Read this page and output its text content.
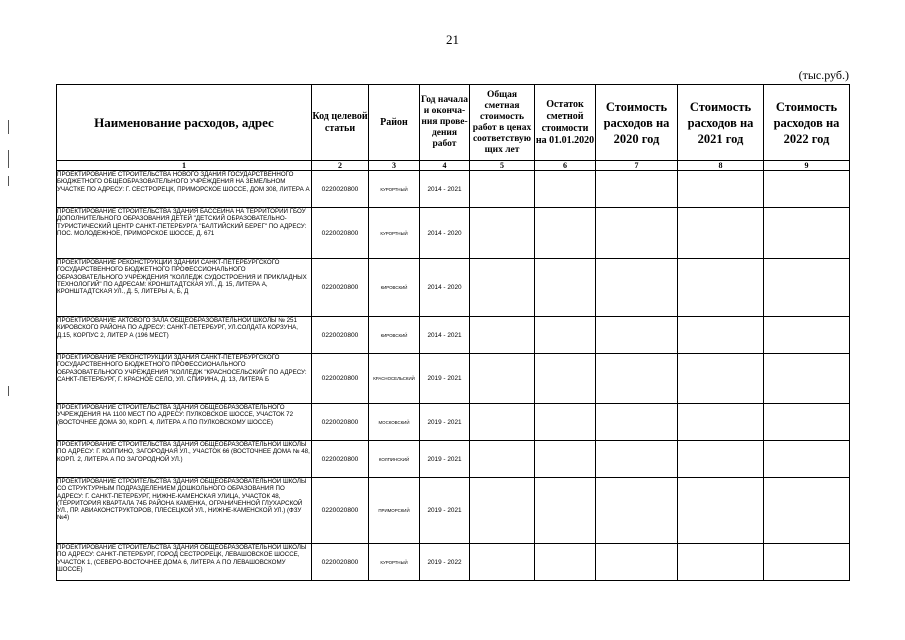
21
(тыс.руб.)
Наименование расходов, адрес	Код целевой статьи	Район	Год начала и оконча-ния прове-дения работ	Общая сметная стоимость работ в ценах соответствую щих лет	Остаток сметной стоимости на 01.01.2020	Стоимость расходов на 2020 год	Стоимость расходов на 2021 год	Стоимость расходов на 2022 год
1	2	3	4	5	6	7	8	9
ПРОЕКТИРОВАНИЕ СТРОИТЕЛЬСТВА НОВОГО ЗДАНИЯ ГОСУДАРСТВЕННОГО БЮДЖЕТНОГО ОБЩЕОБРАЗОВАТЕЛЬНОГО УЧРЕЖДЕНИЯ НА ЗЕМЕЛЬНОМ УЧАСТКЕ ПО АДРЕСУ: Г. СЕСТРОРЕЦК, ПРИМОРСКОЕ ШОССЕ, ДОМ 308, ЛИТЕРА А	0220020800	КУРОРТНЫЙ	2014 - 2021					
ПРОЕКТИРОВАНИЕ СТРОИТЕЛЬСТВА ЗДАНИЯ БАССЕЙНА НА ТЕРРИТОРИИ ГБОУ ДОПОЛНИТЕЛЬНОГО ОБРАЗОВАНИЯ ДЕТЕЙ "ДЕТСКИЙ ОБРАЗОВАТЕЛЬНО-ТУРИСТИЧЕСКИЙ ЦЕНТР САНКТ-ПЕТЕРБУРГА "БАЛТИЙСКИЙ БЕРЕГ" ПО АДРЕСУ: ПОС. МОЛОДЕЖНОЕ, ПРИМОРСКОЕ ШОССЕ, Д. 671	0220020800	КУРОРТНЫЙ	2014 - 2020					
ПРОЕКТИРОВАНИЕ РЕКОНСТРУКЦИИ ЗДАНИЙ САНКТ-ПЕТЕРБУРГСКОГО ГОСУДАРСТВЕННОГО БЮДЖЕТНОГО ПРОФЕССИОНАЛЬНОГО ОБРАЗОВАТЕЛЬНОГО УЧРЕЖДЕНИЯ "КОЛЛЕДЖ СУДОСТРОЕНИЯ И ПРИКЛАДНЫХ ТЕХНОЛОГИЙ" ПО АДРЕСАМ: КРОНШТАДТСКАЯ УЛ., Д. 15, ЛИТЕРА А, КРОНШТАДТСКАЯ УЛ., Д. 5, ЛИТЕРЫ А, Б, Д	0220020800	КИРОВСКИЙ	2014 - 2020					
ПРОЕКТИРОВАНИЕ АКТОВОГО ЗАЛА ОБЩЕОБРАЗОВАТЕЛЬНОЙ ШКОЛЫ № 251 КИРОВСКОГО РАЙОНА ПО АДРЕСУ: САНКТ-ПЕТЕРБУРГ, УЛ.СОЛДАТА КОРЗУНА, Д.15, КОРПУС 2, ЛИТЕР А (196 МЕСТ)	0220020800	КИРОВСКИЙ	2014 - 2021					
ПРОЕКТИРОВАНИЕ РЕКОНСТРУКЦИИ ЗДАНИЯ САНКТ-ПЕТЕРБУРГСКОГО ГОСУДАРСТВЕННОГО БЮДЖЕТНОГО ПРОФЕССИОНАЛЬНОГО ОБРАЗОВАТЕЛЬНОГО УЧРЕЖДЕНИЯ "КОЛЛЕДЖ "КРАСНОСЕЛЬСКИЙ" ПО АДРЕСУ: САНКТ-ПЕТЕРБУРГ, Г. КРАСНОЕ СЕЛО, УЛ. СПИРИНА, Д. 13, ЛИТЕРА Б	0220020800	КРАСНОСЕЛЬСКИЙ	2019 - 2021					
ПРОЕКТИРОВАНИЕ СТРОИТЕЛЬСТВА ЗДАНИЯ ОБЩЕОБРАЗОВАТЕЛЬНОГО УЧРЕЖДЕНИЯ НА 1100 МЕСТ ПО АДРЕСУ: ПУЛКОВСКОЕ ШОССЕ, УЧАСТОК 72 (ВОСТОЧНЕЕ ДОМА 30, КОРП. 4, ЛИТЕРА А ПО ПУЛКОВСКОМУ ШОССЕ)	0220020800	МОСКОВСКИЙ	2019 - 2021					
ПРОЕКТИРОВАНИЕ СТРОИТЕЛЬСТВА ЗДАНИЯ ОБЩЕОБРАЗОВАТЕЛЬНОЙ ШКОЛЫ ПО АДРЕСУ: Г. КОЛПИНО, ЗАГОРОДНАЯ УЛ., УЧАСТОК 66 (ВОСТОЧНЕЕ ДОМА № 48, КОРП. 2, ЛИТЕРА А ПО ЗАГОРОДНОЙ УЛ.)	0220020800	КОЛПИНСКИЙ	2019 - 2021					
ПРОЕКТИРОВАНИЕ СТРОИТЕЛЬСТВА ЗДАНИЯ ОБЩЕОБРАЗОВАТЕЛЬНОЙ ШКОЛЫ СО СТРУКТУРНЫМ ПОДРАЗДЕЛЕНИЕМ ДОШКОЛЬНОГО ОБРАЗОВАНИЯ ПО АДРЕСУ: Г. САНКТ-ПЕТЕРБУРГ, НИЖНЕ-КАМЕНСКАЯ УЛИЦА, УЧАСТОК 48, (ТЕРРИТОРИЯ КВАРТАЛА 74Б РАЙОНА КАМЕНКА, ОГРАНИЧЕННОЙ ГЛУХАРСКОЙ УЛ., ПР. АВИАКОНСТРУКТОРОВ, ПЛЕСЕЦКОЙ УЛ., НИЖНЕ-КАМЕНСКОЙ УЛ.) (ФЗУ №4)	0220020800	ПРИМОРСКИЙ	2019 - 2021					
ПРОЕКТИРОВАНИЕ СТРОИТЕЛЬСТВА ЗДАНИЯ ОБЩЕОБРАЗОВАТЕЛЬНОЙ ШКОЛЫ ПО АДРЕСУ: САНКТ-ПЕТЕРБУРГ, ГОРОД СЕСТРОРЕЦК, ЛЕВАШОВСКОЕ ШОССЕ, УЧАСТОК 1, (СЕВЕРО-ВОСТОЧНЕЕ ДОМА 6, ЛИТЕРА А ПО ЛЕВАШОВСКОМУ ШОССЕ)	0220020800	КУРОРТНЫЙ	2019 - 2022					
